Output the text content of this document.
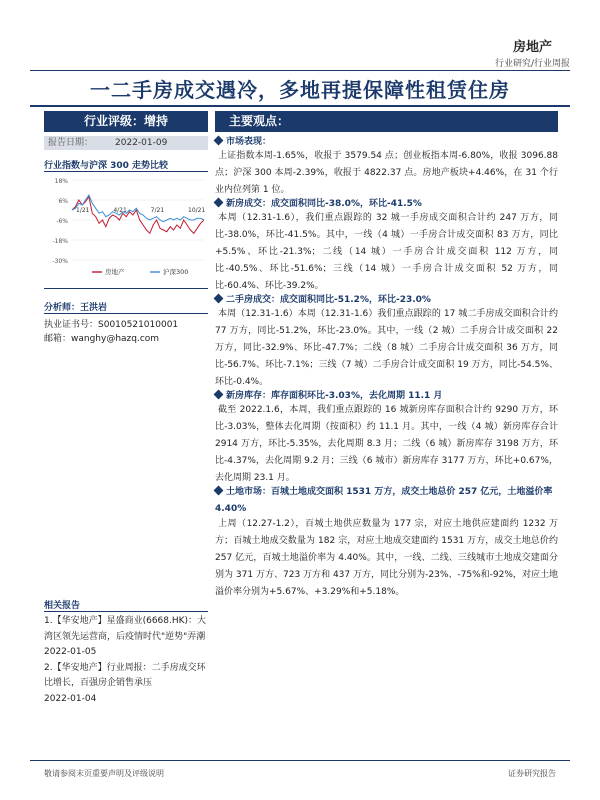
房地产
行业研究/行业周报
一二手房成交遇冷，多地再提保障性租赁住房
行业评级：增持
报告日期： 2022-01-09
行业指数与沪深 300 走势比较
18%
6%
-6%
-18%
-30%
1/21	4/21	7/21	10/21
房地产	沪深300
分析师：王洪岩
执业证书号：S0010521010001
邮箱：wanghy@hazq.com
相关报告
1.【华安地产】星盛商业(6668.HK)：大湾区领先运营商，后疫情时代"逆势"弄潮
2022-01-05
2.【华安地产】行业周报：二手房成交环比增长，百强房企销售承压
2022-01-04
主要观点：
市场表现：

上证指数本周-1.65%，收报于 3579.54 点；创业板指本周-6.80%，收报 3096.88 点；沪深 300 本周-2.39%，收报于 4822.37 点。房地产板块+4.46%，在 31 个行业内位列第 1 位。

新房成交：成交面积同比-38.0%，环比-41.5%

本周（12.31-1.6），我们重点跟踪的 32 城一手房成交面积合计约 247 万方，同比-38.0%，环比-41.5%。其中，一线（4 城）一手房合计成交面积 83 万方，同比+5.5%、环比-21.3%；二线（14 城）一手房合计成交面积 112 万方，同比-40.5%、环比-51.6%；三线（14 城）一手房合计成交面积 52 万方，同比-60.4%、环比-39.2%。

二手房成交：成交面积同比-51.2%，环比-23.0%

本周（12.31-1.6）本周（12.31-1.6）我们重点跟踪的 17 城二手房成交面积合计约 77 万方，同比-51.2%，环比-23.0%。其中，一线（2 城）二手房合计成交面积 22 万方，同比-32.9%、环比-47.7%；二线（8 城）二手房合计成交面积 36 万方，同比-56.7%、环比-7.1%；三线（7 城）二手房合计成交面积 19 万方，同比-54.5%、环比-0.4%。

新房库存：库存面积环比-3.03%，去化周期 11.1 月

截至 2022.1.6，本周，我们重点跟踪的 16 城新房库存面积合计约 9290 万方，环比-3.03%，整体去化周期（按面积）约 11.1 月。其中，一线（4 城）新房库存合计 2914 万方，环比-5.35%，去化周期 8.3 月；二线（6 城）新房库存 3198 万方，环比-4.37%，去化周期 9.2 月；三线（6 城市）新房库存 3177 万方，环比+0.67%，去化周期 23.1 月。

土地市场：百城土地成交面积 1531 万方，成交土地总价 257 亿元，土地溢价率 4.40%

上周（12.27-1.2），百城土地供应数量为 177 宗，对应土地供应建面约 1232 万方；百城土地成交数量为 182 宗，对应土地成交建面约 1531 万方，成交土地总价约 257 亿元，百城土地溢价率为 4.40%。其中，一线、二线、三线城市土地成交建面分别为 371 万方、723 万方和 437 万方，同比分别为-23%、-75%和-92%，对应土地溢价率分别为+5.67%、+3.29%和+5.18%。

敬请参阅末页重要声明及评级说明	证券研究报告
